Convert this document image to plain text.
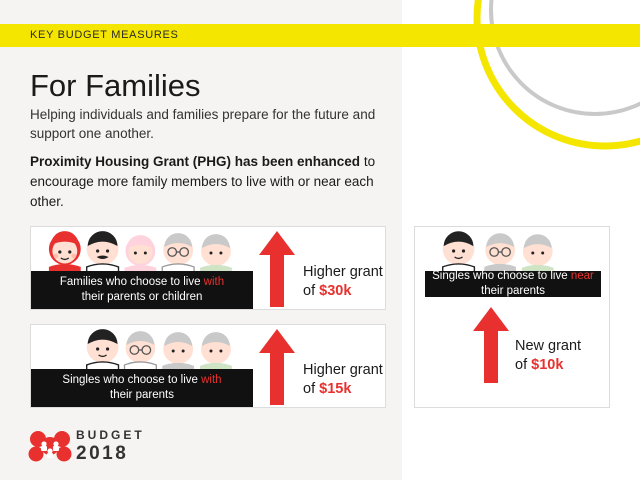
KEY BUDGET MEASURES
For Families
Helping individuals and families prepare for the future and support one another.
Proximity Housing Grant (PHG) has been enhanced to encourage more family members to live with or near each other.
Families who choose to live with
their parents or children
Higher grant
of $30k
Singles who choose to live with
their parents
Higher grant
of $15k
Singles who choose to live near their parents
New grant
of $10k
BUDGET
2018
